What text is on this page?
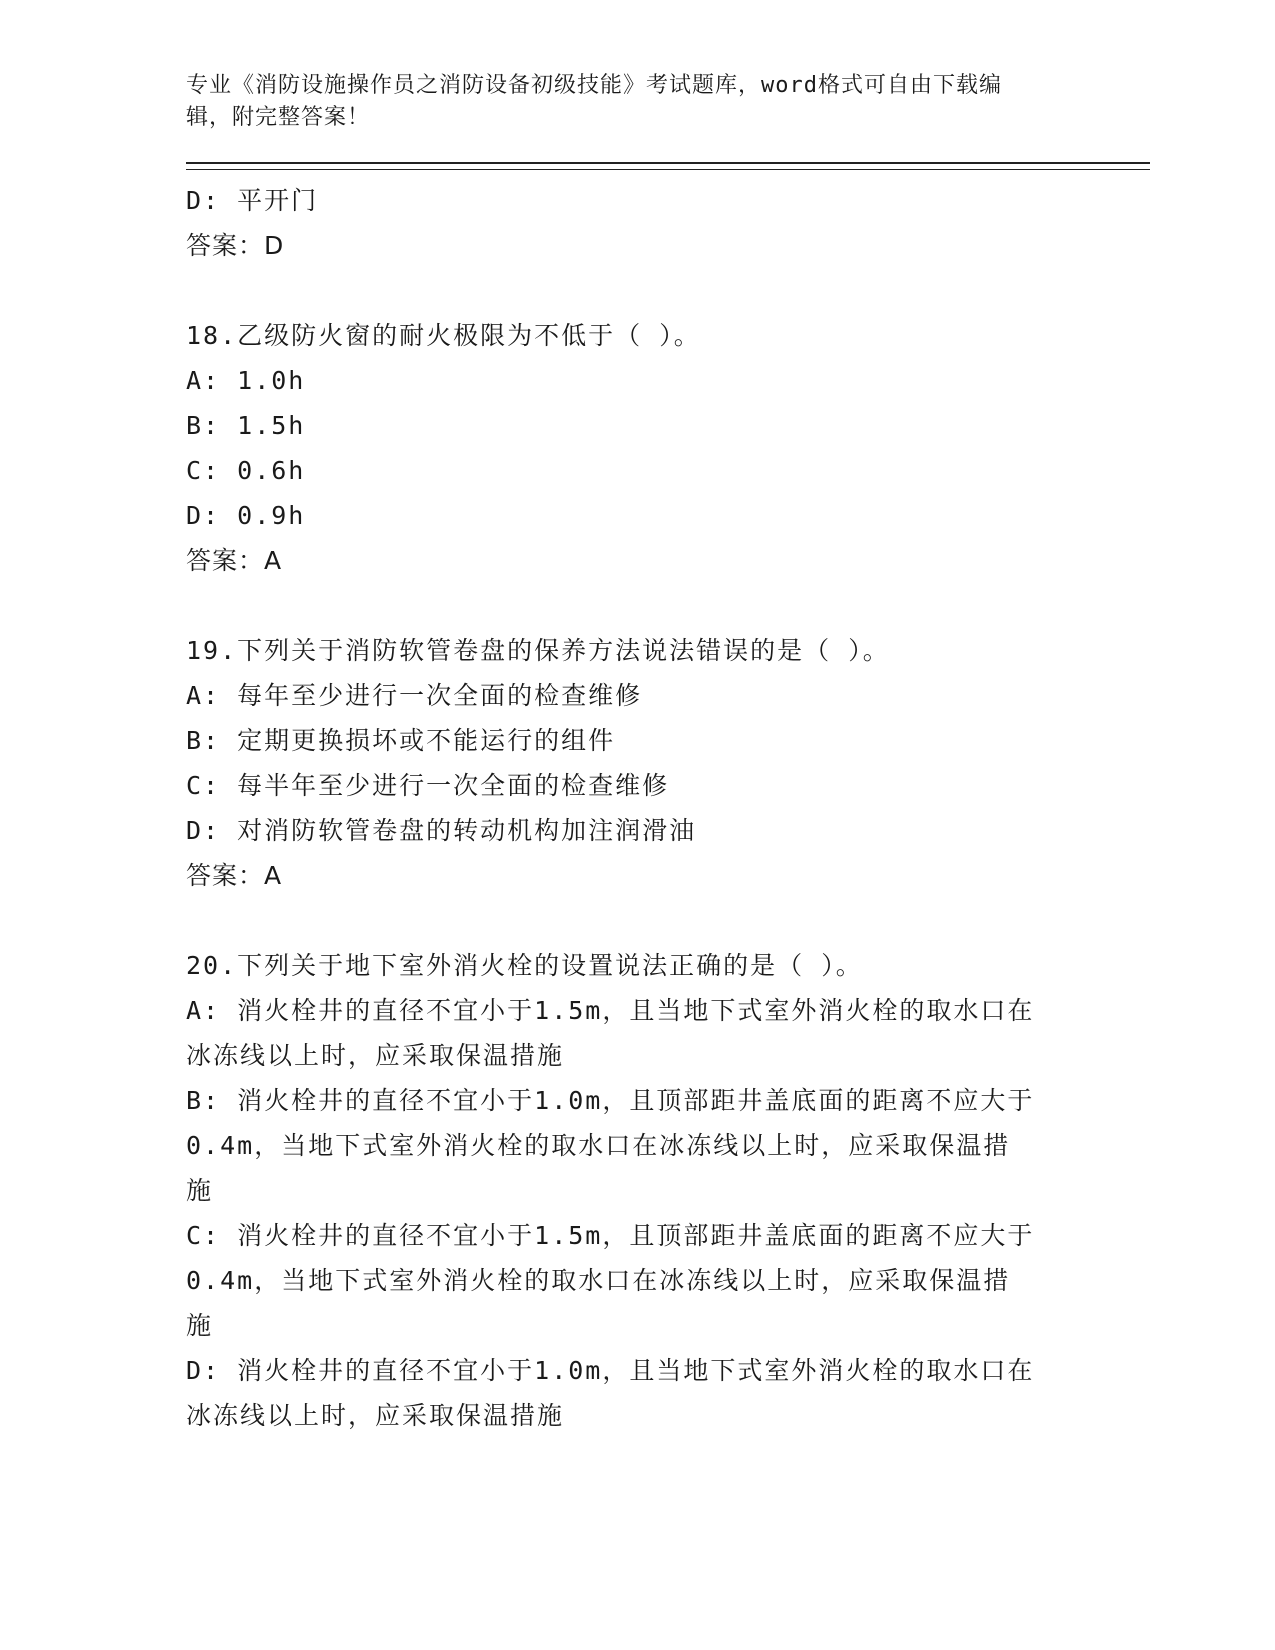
专业《消防设施操作员之消防设备初级技能》考试题库，word格式可自由下载编
辑，附完整答案！
D: 平开门
答案：D
18.乙级防火窗的耐火极限为不低于（ ）。
A: 1.0h
B: 1.5h
C: 0.6h
D: 0.9h
答案：A
19.下列关于消防软管卷盘的保养方法说法错误的是（ ）。
A: 每年至少进行一次全面的检查维修
B: 定期更换损坏或不能运行的组件
C: 每半年至少进行一次全面的检查维修
D: 对消防软管卷盘的转动机构加注润滑油
答案：A
20.下列关于地下室外消火栓的设置说法正确的是（ ）。
A: 消火栓井的直径不宜小于1.5m，且当地下式室外消火栓的取水口在
冰冻线以上时，应采取保温措施
B: 消火栓井的直径不宜小于1.0m，且顶部距井盖底面的距离不应大于
0.4m，当地下式室外消火栓的取水口在冰冻线以上时，应采取保温措
施
C: 消火栓井的直径不宜小于1.5m，且顶部距井盖底面的距离不应大于
0.4m，当地下式室外消火栓的取水口在冰冻线以上时，应采取保温措
施
D: 消火栓井的直径不宜小于1.0m，且当地下式室外消火栓的取水口在
冰冻线以上时，应采取保温措施
